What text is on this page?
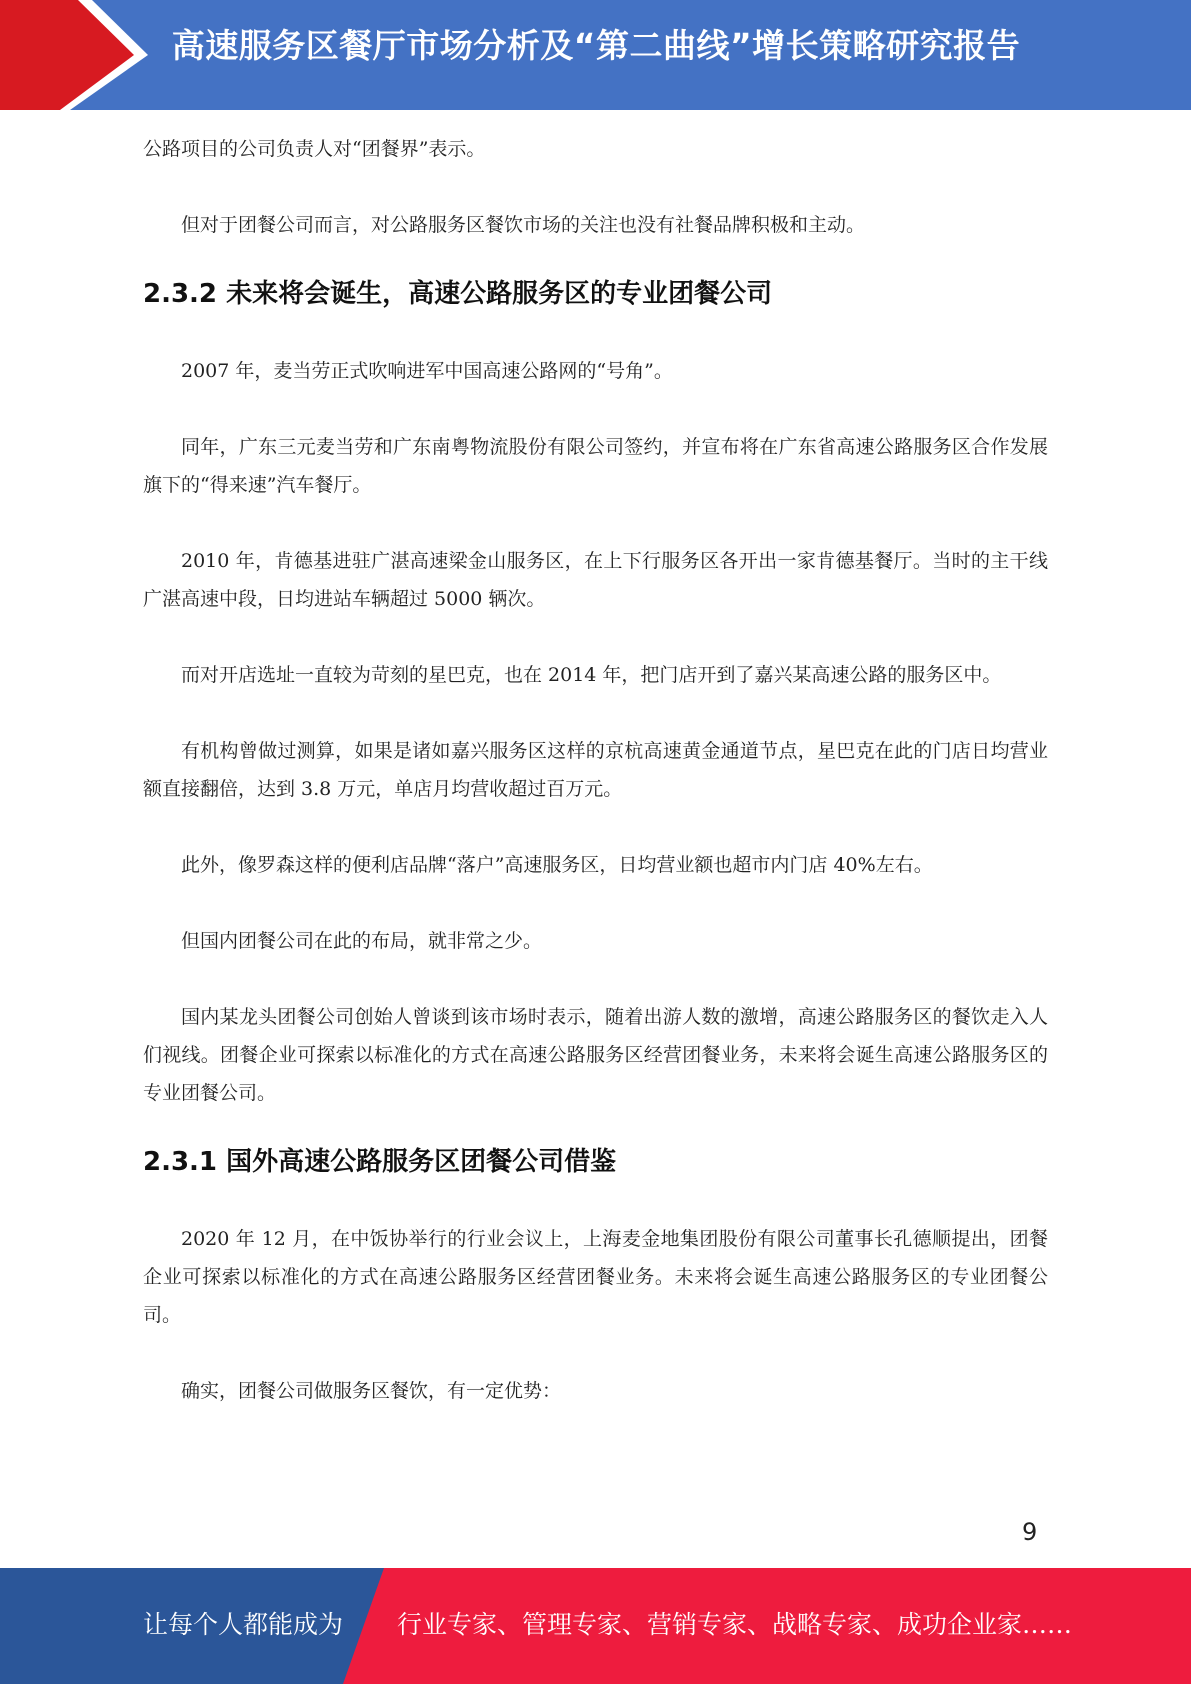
高速服务区餐厅市场分析及“第二曲线”增长策略研究报告

公路项目的公司负责人对“团餐界”表示。

但对于团餐公司而言，对公路服务区餐饮市场的关注也没有社餐品牌积极和主动。

2.3.2 未来将会诞生，高速公路服务区的专业团餐公司

2007 年，麦当劳正式吹响进军中国高速公路网的“号角”。

同年，广东三元麦当劳和广东南粤物流股份有限公司签约，并宣布将在广东省高速公路服务区合作发展旗下的“得来速”汽车餐厅。

2010 年，肯德基进驻广湛高速梁金山服务区，在上下行服务区各开出一家肯德基餐厅。当时的主干线广湛高速中段，日均进站车辆超过 5000 辆次。

而对开店选址一直较为苛刻的星巴克，也在 2014 年，把门店开到了嘉兴某高速公路的服务区中。

有机构曾做过测算，如果是诸如嘉兴服务区这样的京杭高速黄金通道节点，星巴克在此的门店日均营业额直接翻倍，达到 3.8 万元，单店月均营收超过百万元。

此外，像罗森这样的便利店品牌“落户”高速服务区，日均营业额也超市内门店 40%左右。

但国内团餐公司在此的布局，就非常之少。

国内某龙头团餐公司创始人曾谈到该市场时表示，随着出游人数的激增，高速公路服务区的餐饮走入人们视线。团餐企业可探索以标准化的方式在高速公路服务区经营团餐业务，未来将会诞生高速公路服务区的专业团餐公司。

2.3.1 国外高速公路服务区团餐公司借鉴

2020 年 12 月，在中饭协举行的行业会议上，上海麦金地集团股份有限公司董事长孔德顺提出，团餐企业可探索以标准化的方式在高速公路服务区经营团餐业务。未来将会诞生高速公路服务区的专业团餐公司。

确实，团餐公司做服务区餐饮，有一定优势：

9
让每个人都能成为 行业专家、管理专家、营销专家、战略专家、成功企业家……
